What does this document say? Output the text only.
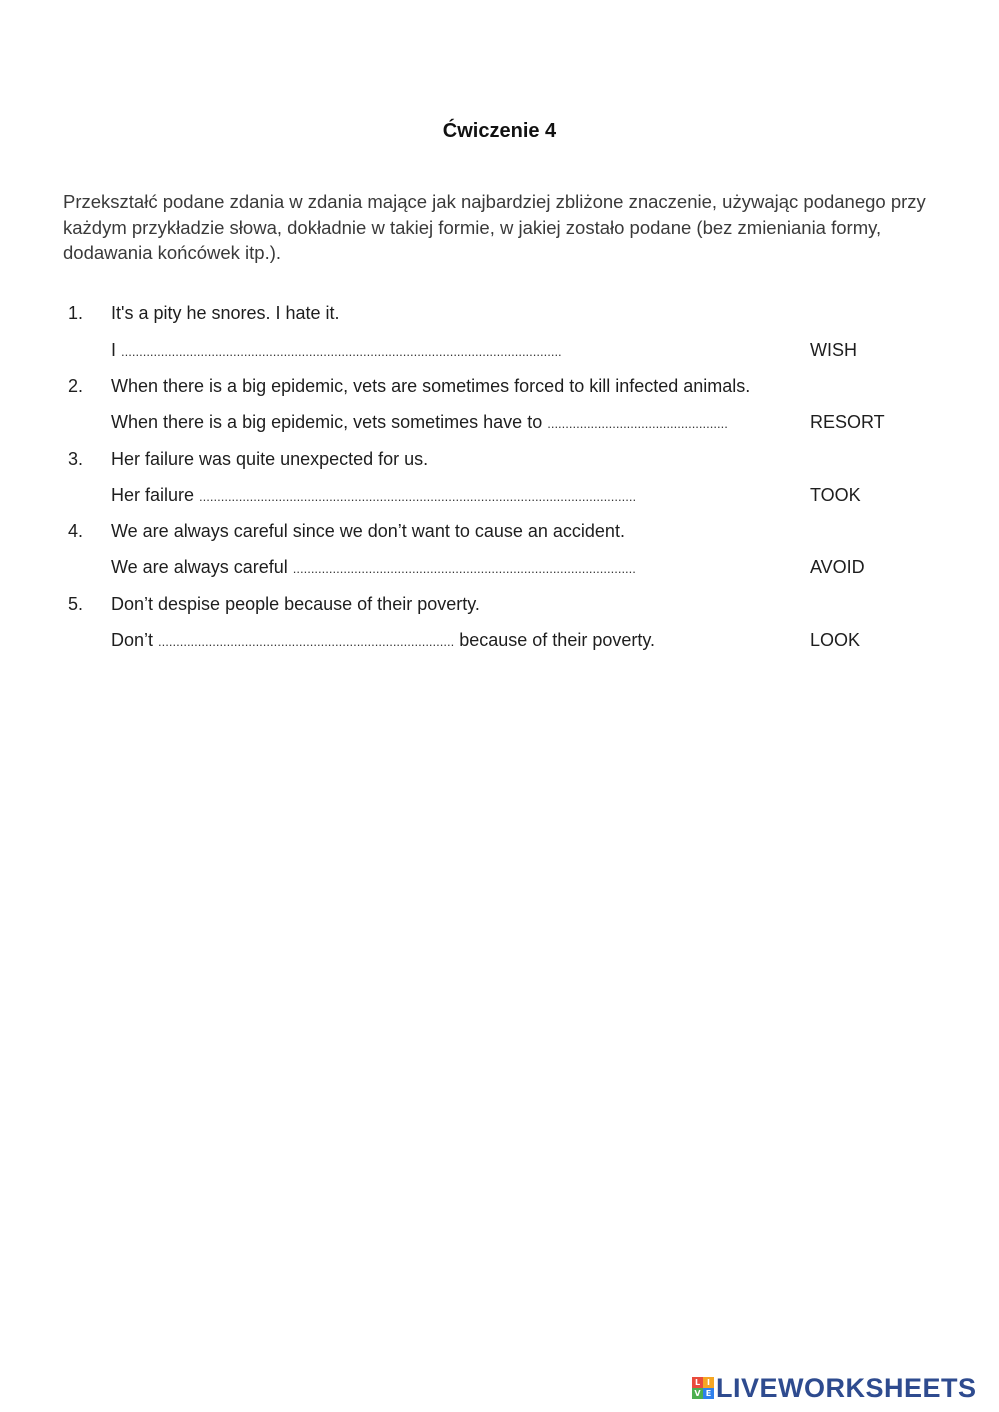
Ćwiczenie 4
Przekształć podane zdania w zdania mające jak najbardziej zbliżone znaczenie, używając podanego przy każdym przykładzie słowa, dokładnie w takiej formie, w jakiej zostało podane (bez zmieniania formy, dodawania końcówek itp.).
1. It's a pity he snores. I hate it.
I ..........................................................................................................................	WISH
2. When there is a big epidemic, vets are sometimes forced to kill infected animals.
When there is a big epidemic, vets sometimes have to ..................................................	RESORT
3. Her failure was quite unexpected for us.
Her failure .........................................................................................................................	TOOK
4. We are always careful since we don’t want to cause an accident.
We are always careful ...............................................................................................	AVOID
5. Don’t despise people because of their poverty.
Don’t .................................................................................. because of their poverty.	LOOK
L I
V E LIVEWORKSHEETS
